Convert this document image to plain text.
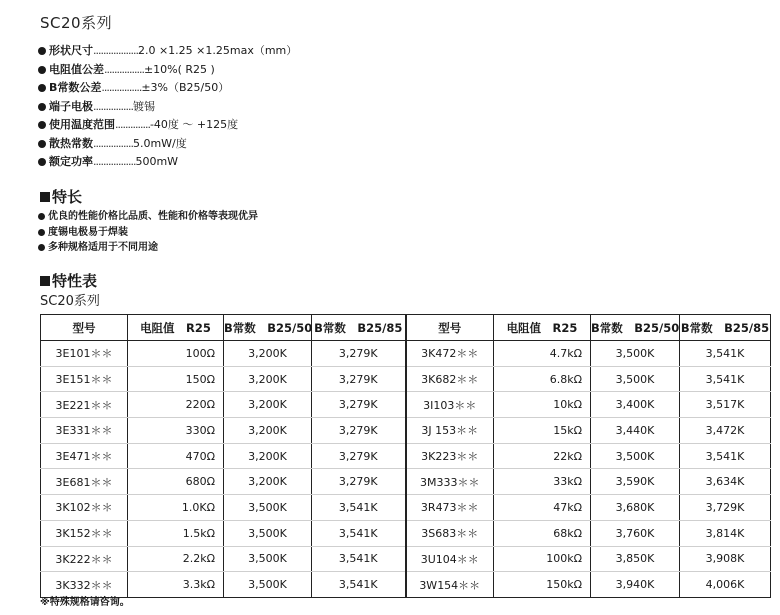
SC20系列
形状尺寸..................2.0 ×1.25 ×1.25max（mm）
电阻值公差................±10%( R25 )
B常数公差................±3%（B25/50）
端子电极................镀锡
使用温度范围..............-40度 ～ +125度
散热常数................5.0mW/度
额定功率.................500mW
特长
优良的性能价格比品质、性能和价格等表现优异
度锡电极易于焊装
多种规格适用于不同用途
特性表
SC20系列
型号	电阻值　R25	B常数　B25/50	B常数　B25/85	型号	电阻值　R25	B常数　B25/50	B常数　B25/85
3E101＊＊	100Ω	3,200K	3,279K	3K472＊＊	4.7kΩ	3,500K	3,541K
3E151＊＊	150Ω	3,200K	3,279K	3K682＊＊	6.8kΩ	3,500K	3,541K
3E221＊＊	220Ω	3,200K	3,279K	3I103＊＊	10kΩ	3,400K	3,517K
3E331＊＊	330Ω	3,200K	3,279K	3J 153＊＊	15kΩ	3,440K	3,472K
3E471＊＊	470Ω	3,200K	3,279K	3K223＊＊	22kΩ	3,500K	3,541K
3E681＊＊	680Ω	3,200K	3,279K	3M333＊＊	33kΩ	3,590K	3,634K
3K102＊＊	1.0KΩ	3,500K	3,541K	3R473＊＊	47kΩ	3,680K	3,729K
3K152＊＊	1.5kΩ	3,500K	3,541K	3S683＊＊	68kΩ	3,760K	3,814K
3K222＊＊	2.2kΩ	3,500K	3,541K	3U104＊＊	100kΩ	3,850K	3,908K
3K332＊＊	3.3kΩ	3,500K	3,541K	3W154＊＊	150kΩ	3,940K	4,006K
※特殊规格请咨询。
